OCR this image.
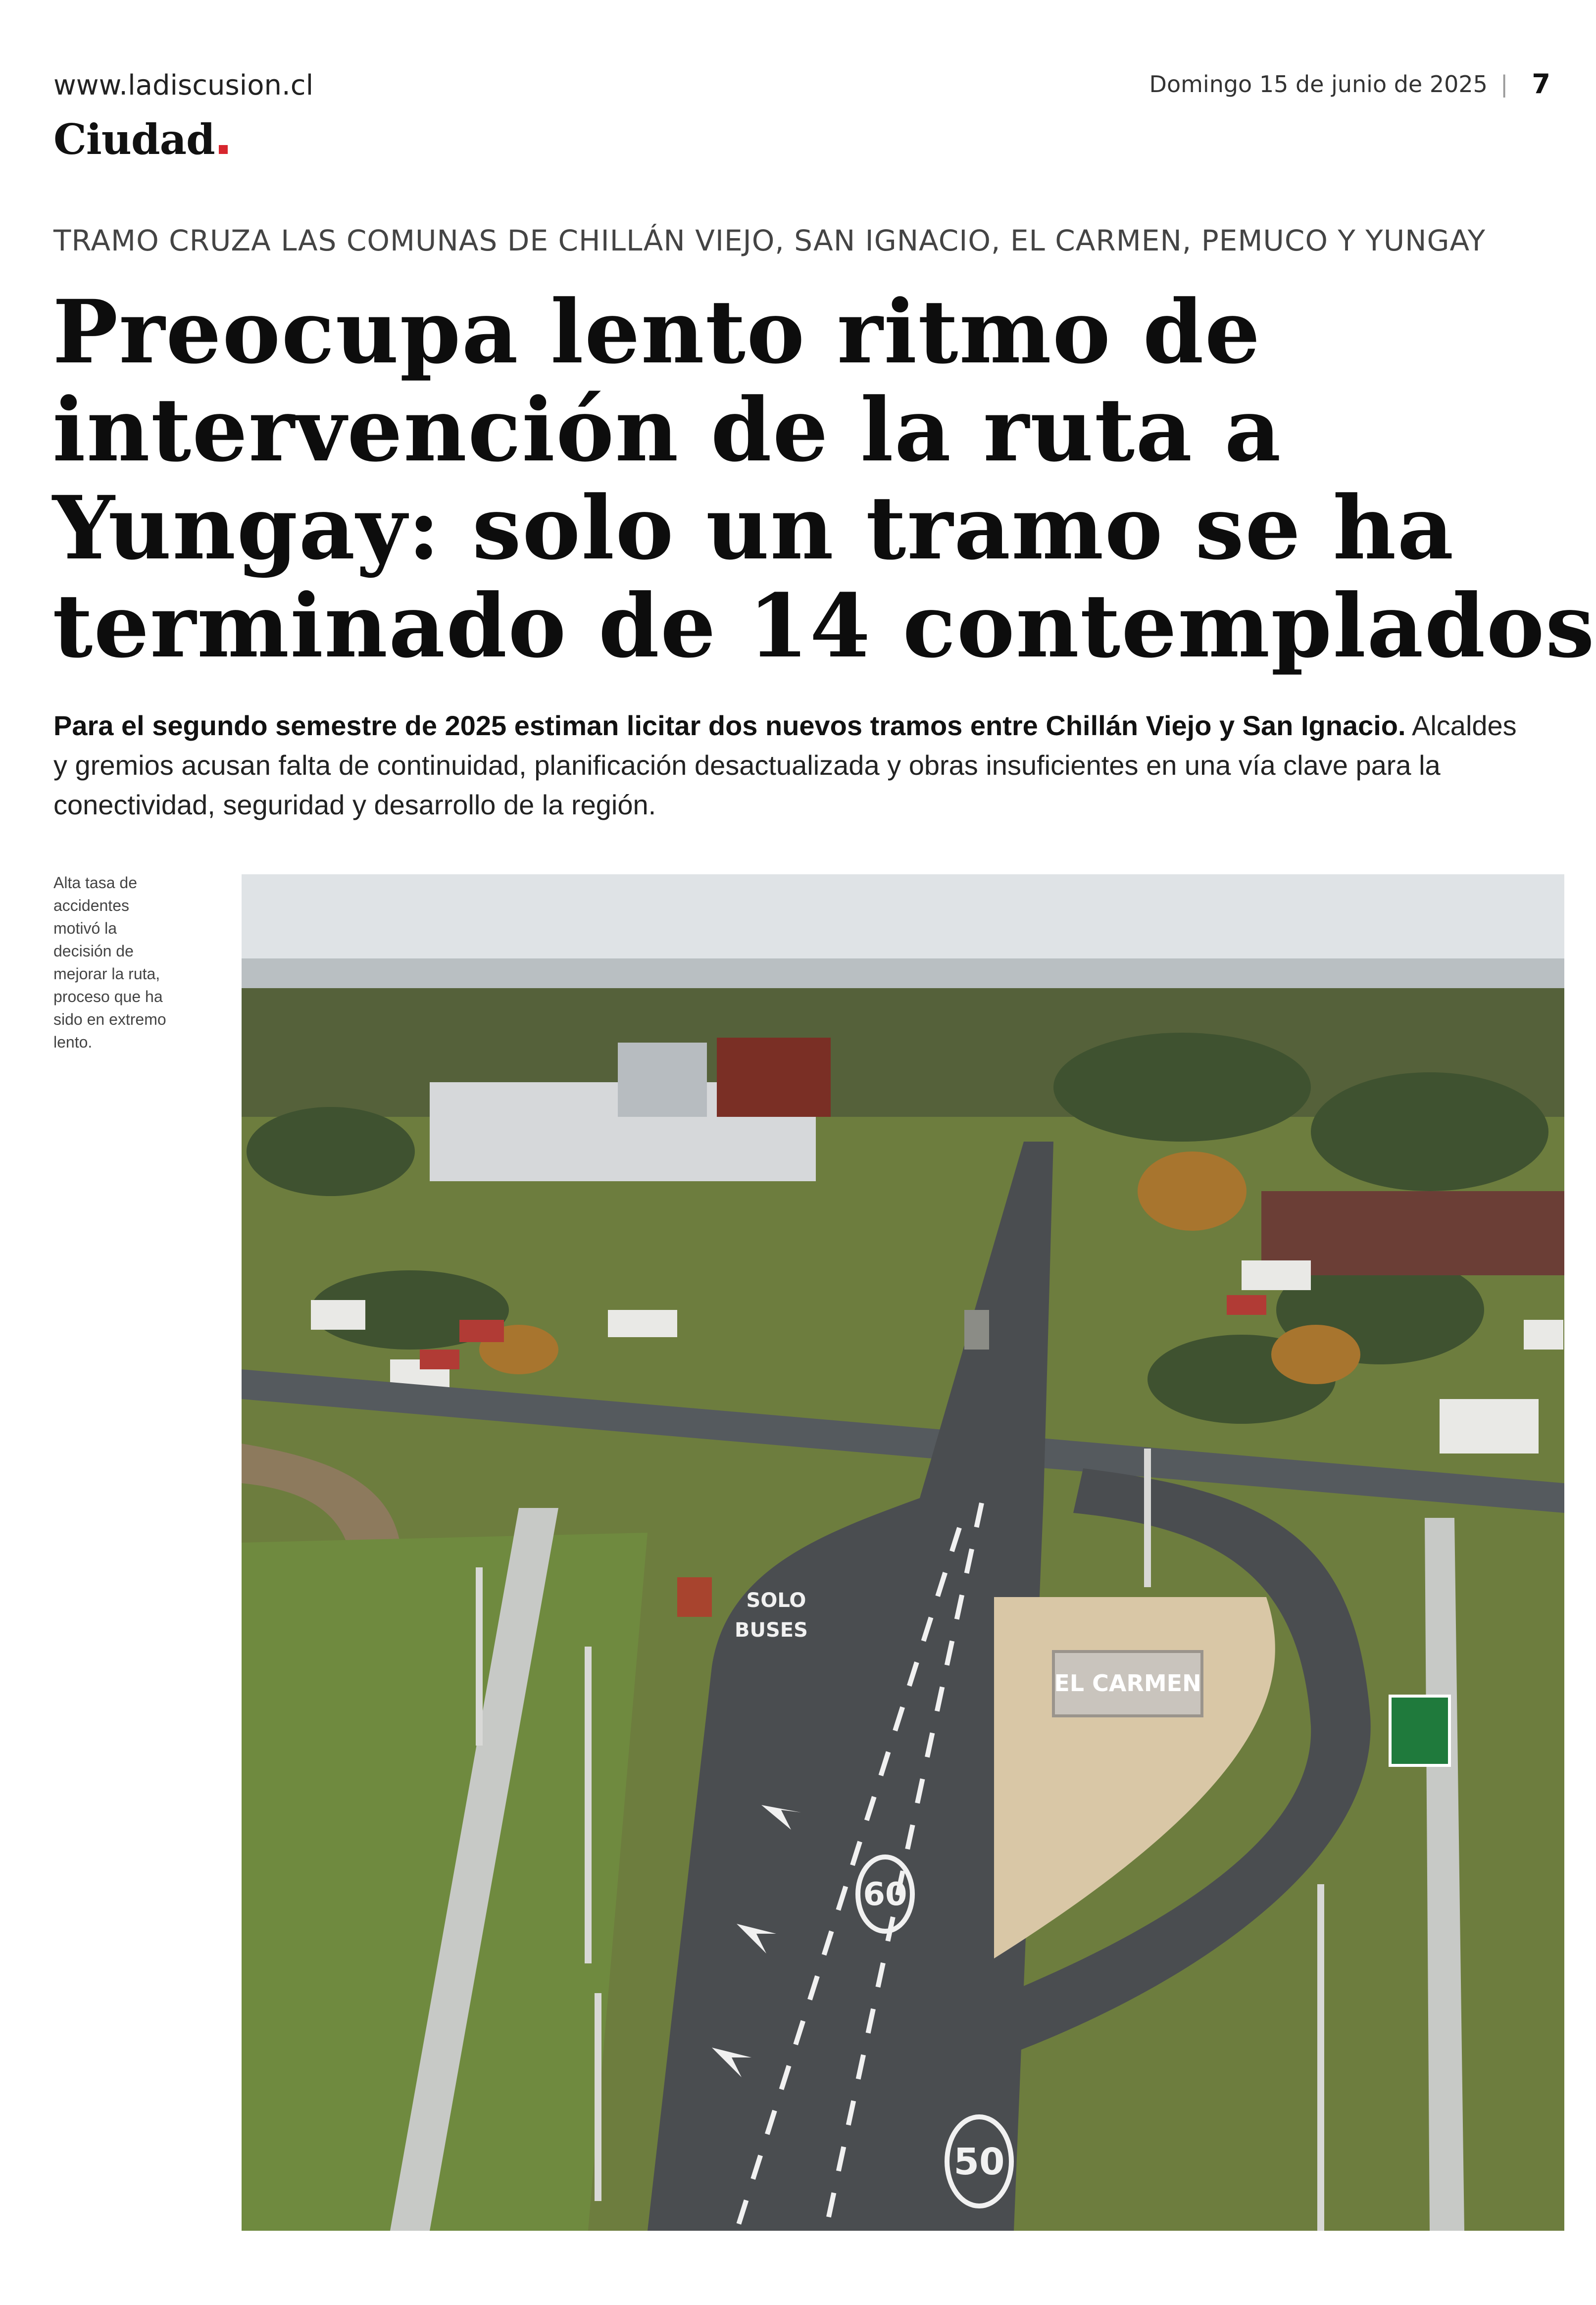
www.ladiscusion.cl	Domingo 15 de junio de 2025 | 7
Ciudad
TRAMO CRUZA LAS COMUNAS DE CHILLÁN VIEJO, SAN IGNACIO, EL CARMEN, PEMUCO Y YUNGAY
Preocupa lento ritmo de
intervención de la ruta a
Yungay: solo un tramo se ha
terminado de 14 contemplados

Para el segundo semestre de 2025 estiman licitar dos nuevos tramos entre Chillán Viejo y San Ignacio. Alcaldes y gremios acusan falta de continuidad, planificación desactualizada y obras insuficientes en una vía clave para la conectividad, seguridad y desarrollo de la región.

Alta tasa de accidentes motivó la decisión de mejorar la ruta, proceso que ha sido en extremo lento.
EL CARMEN
60
50
SOLO
BUSES
